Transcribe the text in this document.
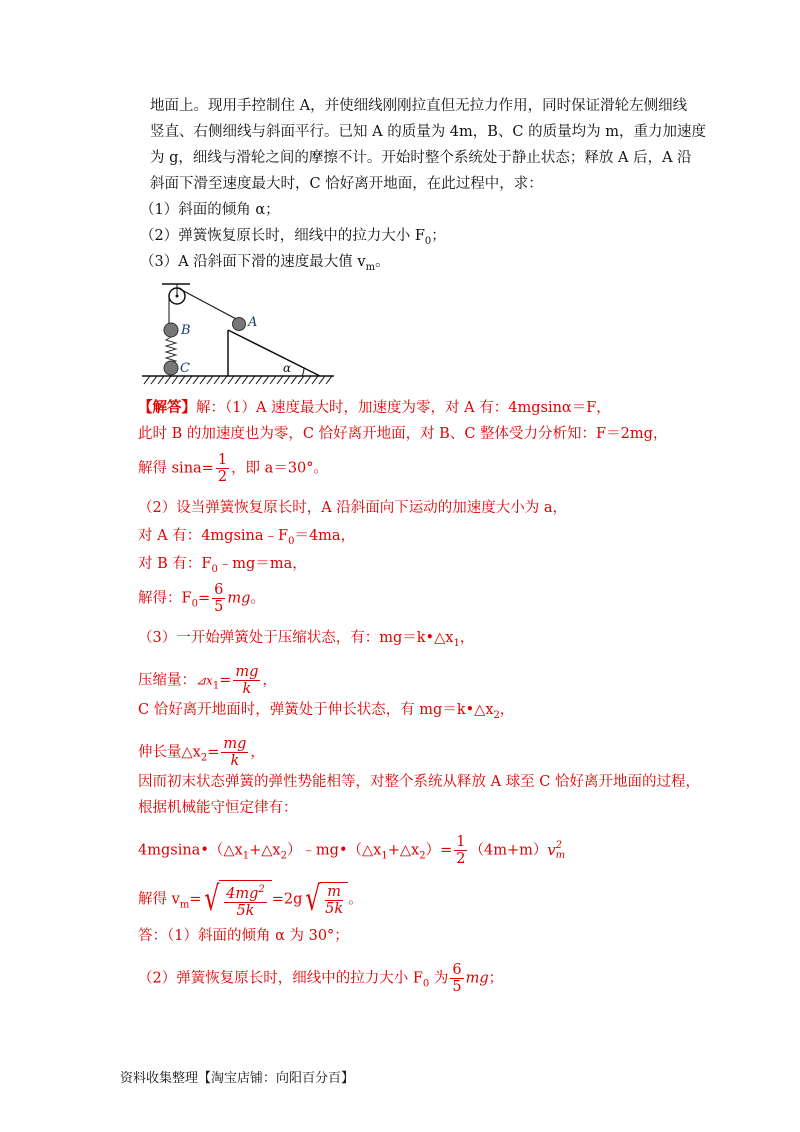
地面上。现用手控制住 A，并使细线刚刚拉直但无拉力作用，同时保证滑轮左侧细线
竖直、右侧细线与斜面平行。已知 A 的质量为 4m，B、C 的质量均为 m，重力加速度
为 g，细线与滑轮之间的摩擦不计。开始时整个系统处于静止状态；释放 A 后，A 沿
斜面下滑至速度最大时，C 恰好离开地面，在此过程中，求：
（1）斜面的倾角 α；
（2）弹簧恢复原长时，细线中的拉力大小 $F_0$；
（3）A 沿斜面下滑的速度最大值 $v_m$。
B
C
A
α
【解答】解：（1）A 速度最大时，加速度为零，对 A 有：4mgsinα＝F，
此时 B 的加速度也为零，C 恰好离开地面，对 B、C 整体受力分析知：F＝2mg，
解得 $\sin a= \frac{1}{2}$ ，即 a＝30°。
（2）设当弹簧恢复原长时，A 沿斜面向下运动的加速度大小为 a，
对 A 有：$4mgsina﹣F_0=4ma$，
对 B 有：$F_0﹣mg=ma$，
解得：$F_0= \frac{6}{5}$ mg。
（3）一开始弹簧处于压缩状态，有：$mg=k•\triangle x_1$，
压缩量：$⊿x_1= \frac{mg}{k}$ ，
C 恰好离开地面时，弹簧处于伸长状态，有 $mg=k•\triangle x_2$，
伸长量$\triangle x_2= \frac{mg}{k}$ ，
因而初末状态弹簧的弹性势能相等，对整个系统从释放 A 球至 C 恰好离开地面的过程，
根据机械能守恒定律有：
$4mgsina•(\triangle x_1+\triangle x_2)﹣mg•(\triangle x_1+\triangle x_2)= \frac{1}{2} (4m+m)v$ 2
m
解得 $v_m=√ \frac{4mg^2}{5k} =2g√ \frac{m}{5k}$ 。
答：（1）斜面的倾角 α 为 30°；
（2）弹簧恢复原长时，细线中的拉力大小 $F_0$ 为 $\frac{6}{5}$ mg；
资料收集整理【淘宝店铺：向阳百分百】
